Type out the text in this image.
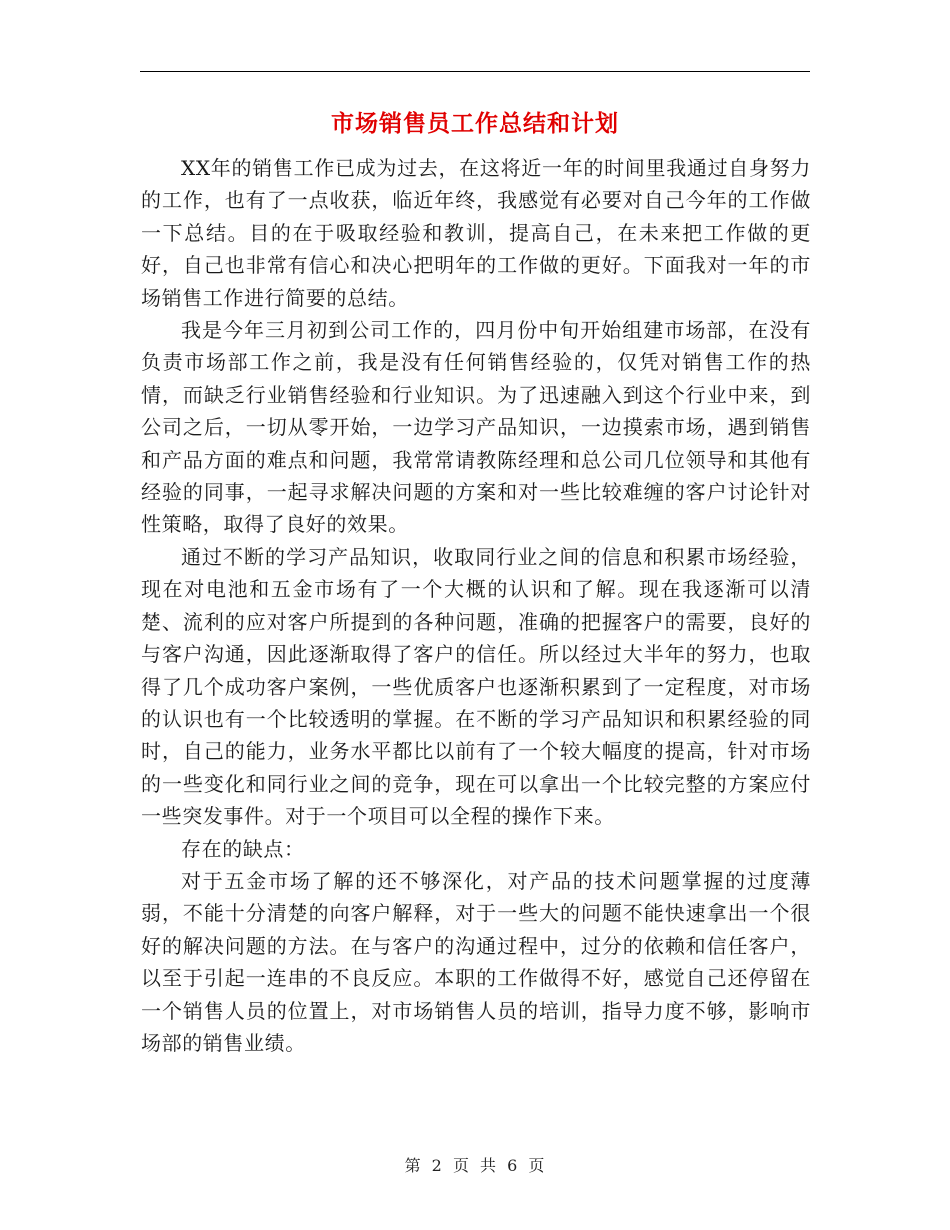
市场销售员工作总结和计划

XX年的销售工作已成为过去，在这将近一年的时间里我通过自身努力的工作，也有了一点收获，临近年终，我感觉有必要对自己今年的工作做一下总结。目的在于吸取经验和教训，提高自己，在未来把工作做的更好，自己也非常有信心和决心把明年的工作做的更好。下面我对一年的市场销售工作进行简要的总结。

我是今年三月初到公司工作的，四月份中旬开始组建市场部，在没有负责市场部工作之前，我是没有任何销售经验的，仅凭对销售工作的热情，而缺乏行业销售经验和行业知识。为了迅速融入到这个行业中来，到公司之后，一切从零开始，一边学习产品知识，一边摸索市场，遇到销售和产品方面的难点和问题，我常常请教陈经理和总公司几位领导和其他有经验的同事，一起寻求解决问题的方案和对一些比较难缠的客户讨论针对性策略，取得了良好的效果。

通过不断的学习产品知识，收取同行业之间的信息和积累市场经验，现在对电池和五金市场有了一个大概的认识和了解。现在我逐渐可以清楚、流利的应对客户所提到的各种问题，准确的把握客户的需要，良好的与客户沟通，因此逐渐取得了客户的信任。所以经过大半年的努力，也取得了几个成功客户案例，一些优质客户也逐渐积累到了一定程度，对市场的认识也有一个比较透明的掌握。在不断的学习产品知识和积累经验的同时，自己的能力，业务水平都比以前有了一个较大幅度的提高，针对市场的一些变化和同行业之间的竞争，现在可以拿出一个比较完整的方案应付一些突发事件。对于一个项目可以全程的操作下来。

存在的缺点：

对于五金市场了解的还不够深化，对产品的技术问题掌握的过度薄弱，不能十分清楚的向客户解释，对于一些大的问题不能快速拿出一个很好的解决问题的方法。在与客户的沟通过程中，过分的依赖和信任客户，以至于引起一连串的不良反应。本职的工作做得不好，感觉自己还停留在一个销售人员的位置上，对市场销售人员的培训，指导力度不够，影响市场部的销售业绩。

第 2 页 共 6 页
